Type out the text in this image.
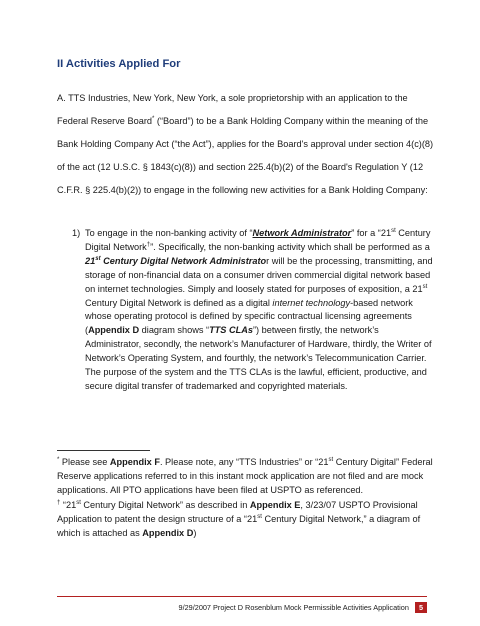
II Activities Applied For

A. TTS Industries, New York, New York, a sole proprietorship with an application to the Federal Reserve Board* (“Board”) to be a Bank Holding Company within the meaning of the Bank Holding Company Act (“the Act”), applies for the Board's approval under section 4(c)(8) of the act (12 U.S.C. § 1843(c)(8)) and section 225.4(b)(2) of the Board's Regulation Y (12 C.F.R. § 225.4(b)(2)) to engage in the following new activities for a Bank Holding Company:

1) To engage in the non-banking activity of “Network Administrator” for a “21st Century Digital Network†”. Specifically, the non-banking activity which shall be performed as a 21st Century Digital Network Administrator will be the processing, transmitting, and storage of non-financial data on a consumer driven commercial digital network based on internet technologies. Simply and loosely stated for purposes of exposition, a 21st Century Digital Network is defined as a digital internet technology-based network whose operating protocol is defined by specific contractual licensing agreements (Appendix D diagram shows “TTS CLAs”) between firstly, the network’s Administrator, secondly, the network’s Manufacturer of Hardware, thirdly, the Writer of Network’s Operating System, and fourthly, the network’s Telecommunication Carrier. The purpose of the system and the TTS CLAs is the lawful, efficient, productive, and secure digital transfer of trademarked and copyrighted materials.

* Please see Appendix F. Please note, any “TTS Industries” or “21st Century Digital” Federal Reserve applications referred to in this instant mock application are not filed and are mock applications. All PTO applications have been filed at USPTO as referenced.

† “21st Century Digital Network” as described in Appendix E, 3/23/07 USPTO Provisional Application to patent the design structure of a “21st Century Digital Network,” a diagram of which is attached as Appendix D)

9/29/2007 Project D Rosenblum Mock Permissible Activities Application 5
